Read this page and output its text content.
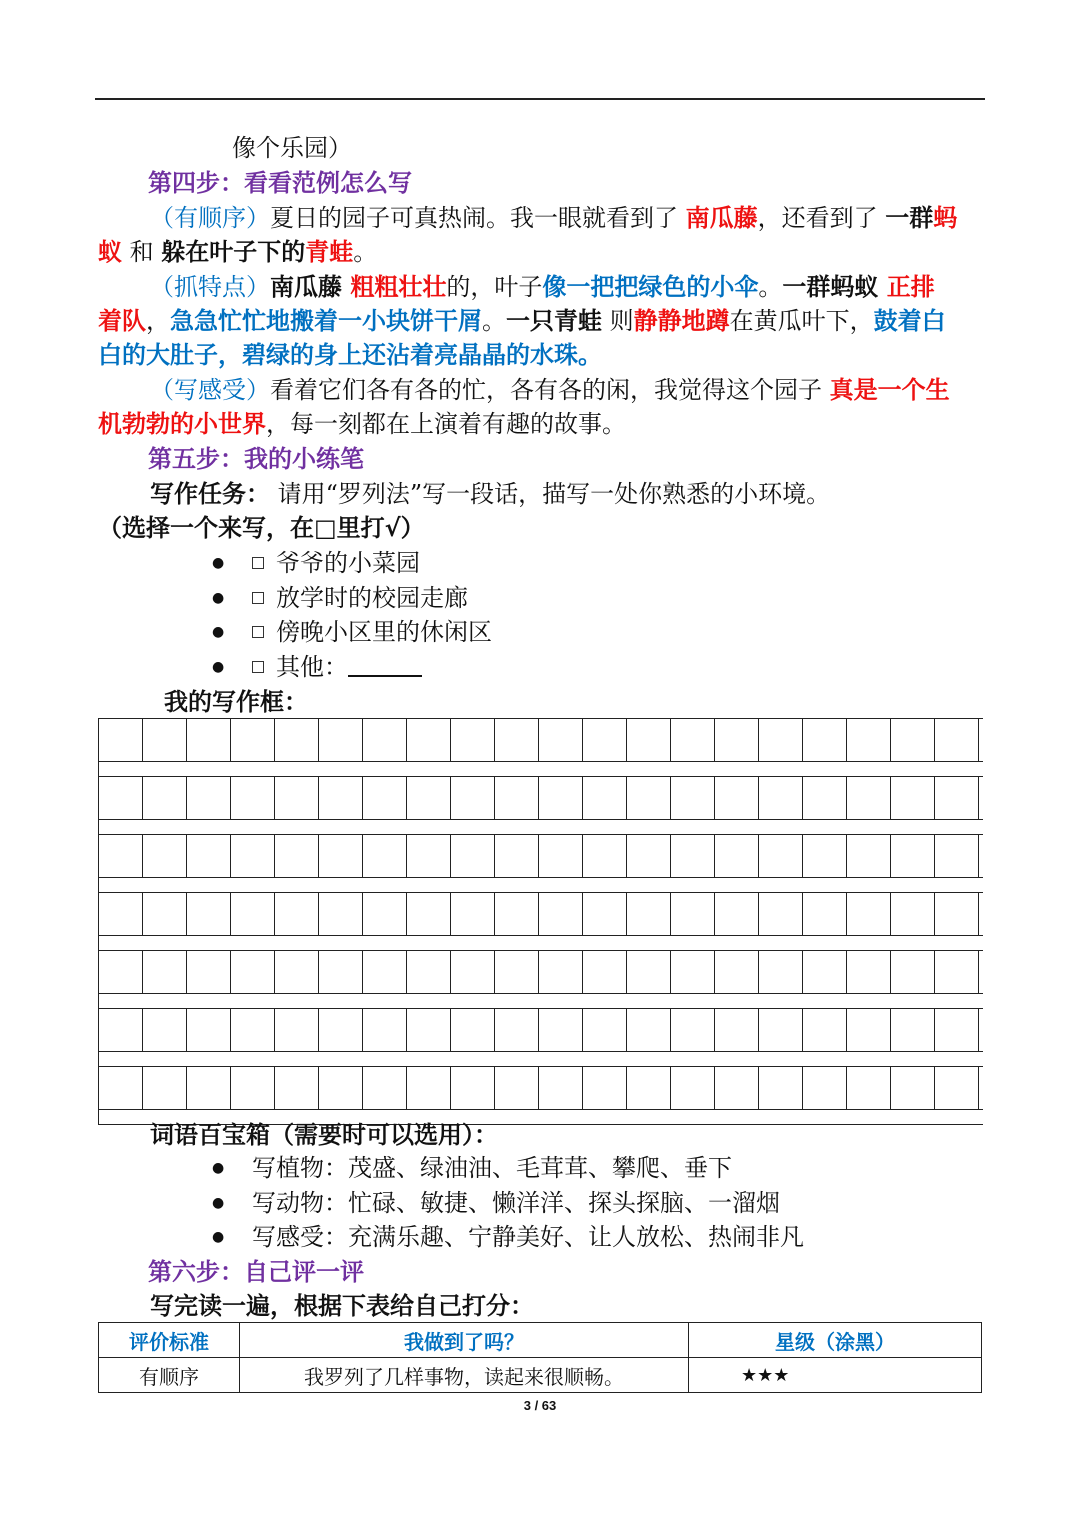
像个乐园）
第四步：看看范例怎么写
（有顺序）夏日的园子可真热闹。我一眼就看到了 南瓜藤，还看到了 一群蚂
蚁 和 躲在叶子下的青蛙。
（抓特点）南瓜藤 粗粗壮壮的，叶子像一把把绿色的小伞。一群蚂蚁 正排
着队，急急忙忙地搬着一小块饼干屑。一只青蛙 则静静地蹲在黄瓜叶下，鼓着白
白的大肚子，碧绿的身上还沾着亮晶晶的水珠。
（写感受）看着它们各有各的忙，各有各的闲，我觉得这个园子 真是一个生
机勃勃的小世界，每一刻都在上演着有趣的故事。
第五步：我的小练笔
写作任务： 请用“罗列法”写一段话，描写一处你熟悉的小环境。
（选择一个来写，在□里打√）
●	爷爷的小菜园
●	放学时的校园走廊
●	傍晚小区里的休闲区
●	其他：
我的写作框：
词语百宝箱（需要时可以选用）：
●	写植物：茂盛、绿油油、毛茸茸、攀爬、垂下
●	写动物：忙碌、敏捷、懒洋洋、探头探脑、一溜烟
●	写感受：充满乐趣、宁静美好、让人放松、热闹非凡
第六步：自己评一评
写完读一遍，根据下表给自己打分：
评价标准	我做到了吗？	星级（涂黑）
有顺序	我罗列了几样事物，读起来很顺畅。	★★★
3 / 63
